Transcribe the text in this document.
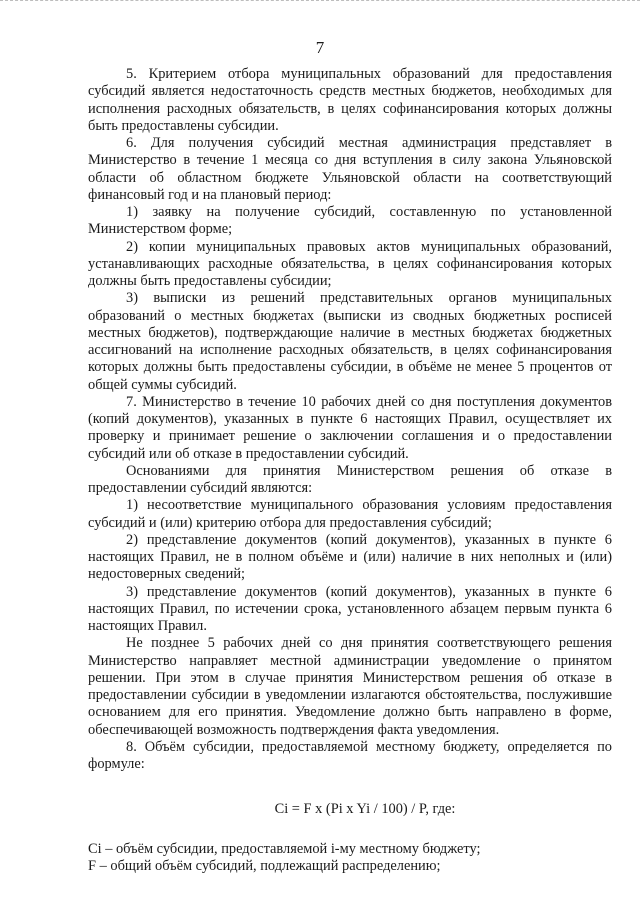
7

5. Критерием отбора муниципальных образований для предоставления субсидий является недостаточность средств местных бюджетов, необходимых для исполнения расходных обязательств, в целях софинансирования которых должны быть предоставлены субсидии.

6. Для получения субсидий местная администрация представляет в Министерство в течение 1 месяца со дня вступления в силу закона Ульяновской области об областном бюджете Ульяновской области на соответствующий финансовый год и на плановый период:

1) заявку на получение субсидий, составленную по установленной Министерством форме;

2) копии муниципальных правовых актов муниципальных образований, устанавливающих расходные обязательства, в целях софинансирования которых должны быть предоставлены субсидии;

3) выписки из решений представительных органов муниципальных образований о местных бюджетах (выписки из сводных бюджетных росписей местных бюджетов), подтверждающие наличие в местных бюджетах бюджетных ассигнований на исполнение расходных обязательств, в целях софинансирования которых должны быть предоставлены субсидии, в объёме не менее 5 процентов от общей суммы субсидий.

7. Министерство в течение 10 рабочих дней со дня поступления документов (копий документов), указанных в пункте 6 настоящих Правил, осуществляет их проверку и принимает решение о заключении соглашения и о предоставлении субсидий или об отказе в предоставлении субсидий.

Основаниями для принятия Министерством решения об отказе в предоставлении субсидий являются:

1) несоответствие муниципального образования условиям предоставления субсидий и (или) критерию отбора для предоставления субсидий;

2) представление документов (копий документов), указанных в пункте 6 настоящих Правил, не в полном объёме и (или) наличие в них неполных и (или) недостоверных сведений;

3) представление документов (копий документов), указанных в пункте 6 настоящих Правил, по истечении срока, установленного абзацем первым пункта 6 настоящих Правил.

Не позднее 5 рабочих дней со дня принятия соответствующего решения Министерство направляет местной администрации уведомление о принятом решении. При этом в случае принятия Министерством решения об отказе в предоставлении субсидии в уведомлении излагаются обстоятельства, послужившие основанием для его принятия. Уведомление должно быть направлено в форме, обеспечивающей возможность подтверждения факта уведомления.

8. Объём субсидии, предоставляемой местному бюджету, определяется по формуле:

Ci = F x (Pi x Yi / 100) / P, где:

Ci – объём субсидии, предоставляемой i-му местному бюджету;

F – общий объём субсидий, подлежащий распределению;
